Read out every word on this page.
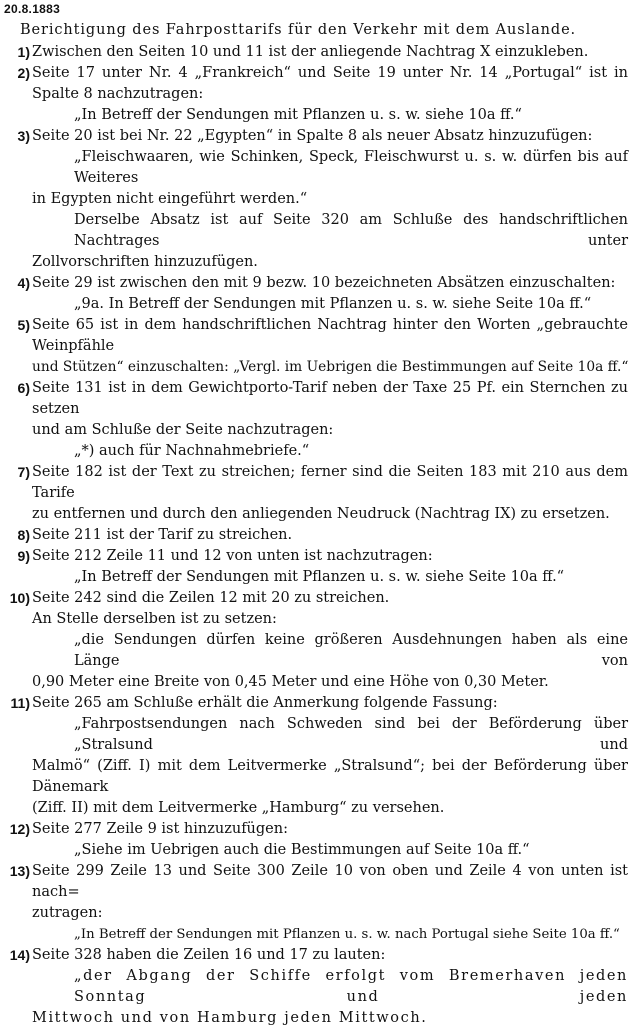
20.8.1883
Berichtigung des Fahrposttarifs für den Verkehr mit dem Auslande.
1) Zwischen den Seiten 10 und 11 ist der anliegende Nachtrag X einzukleben.
2) Seite 17 unter Nr. 4 „Frankreich“ und Seite 19 unter Nr. 14 „Portugal“ ist in
Spalte 8 nachzutragen:
„In Betreff der Sendungen mit Pflanzen u. s. w. siehe 10a ff.“
3) Seite 20 ist bei Nr. 22 „Egypten“ in Spalte 8 als neuer Absatz hinzuzufügen:
„Fleischwaaren, wie Schinken, Speck, Fleischwurst u. s. w. dürfen bis auf Weiteres
in Egypten nicht eingeführt werden.“
Derselbe Absatz ist auf Seite 320 am Schluße des handschriftlichen Nachtrages unter
Zollvorschriften hinzuzufügen.
4) Seite 29 ist zwischen den mit 9 bezw. 10 bezeichneten Absätzen einzuschalten:
„9a. In Betreff der Sendungen mit Pflanzen u. s. w. siehe Seite 10a ff.“
5) Seite 65 ist in dem handschriftlichen Nachtrag hinter den Worten „gebrauchte Weinpfähle
und Stützen“ einzuschalten: „Vergl. im Uebrigen die Bestimmungen auf Seite 10a ff.“
6) Seite 131 ist in dem Gewichtporto-Tarif neben der Taxe 25 Pf. ein Sternchen zu setzen
und am Schluße der Seite nachzutragen:
„*) auch für Nachnahmebriefe.“
7) Seite 182 ist der Text zu streichen; ferner sind die Seiten 183 mit 210 aus dem Tarife
zu entfernen und durch den anliegenden Neudruck (Nachtrag IX) zu ersetzen.
8) Seite 211 ist der Tarif zu streichen.
9) Seite 212 Zeile 11 und 12 von unten ist nachzutragen:
„In Betreff der Sendungen mit Pflanzen u. s. w. siehe Seite 10a ff.“
10) Seite 242 sind die Zeilen 12 mit 20 zu streichen.
An Stelle derselben ist zu setzen:
„die Sendungen dürfen keine größeren Ausdehnungen haben als eine Länge von
0,90 Meter eine Breite von 0,45 Meter und eine Höhe von 0,30 Meter.
11) Seite 265 am Schluße erhält die Anmerkung folgende Fassung:
„Fahrpostsendungen nach Schweden sind bei der Beförderung über „Stralsund und
Malmö“ (Ziff. I) mit dem Leitvermerke „Stralsund“; bei der Beförderung über Dänemark
(Ziff. II) mit dem Leitvermerke „Hamburg“ zu versehen.
12) Seite 277 Zeile 9 ist hinzuzufügen:
„Siehe im Uebrigen auch die Bestimmungen auf Seite 10a ff.“
13) Seite 299 Zeile 13 und Seite 300 Zeile 10 von oben und Zeile 4 von unten ist nach=
zutragen:
„In Betreff der Sendungen mit Pflanzen u. s. w. nach Portugal siehe Seite 10a ff.“
14) Seite 328 haben die Zeilen 16 und 17 zu lauten:
„der Abgang der Schiffe erfolgt vom Bremerhaven jeden Sonntag und jeden
Mittwoch und von Hamburg jeden Mittwoch.
